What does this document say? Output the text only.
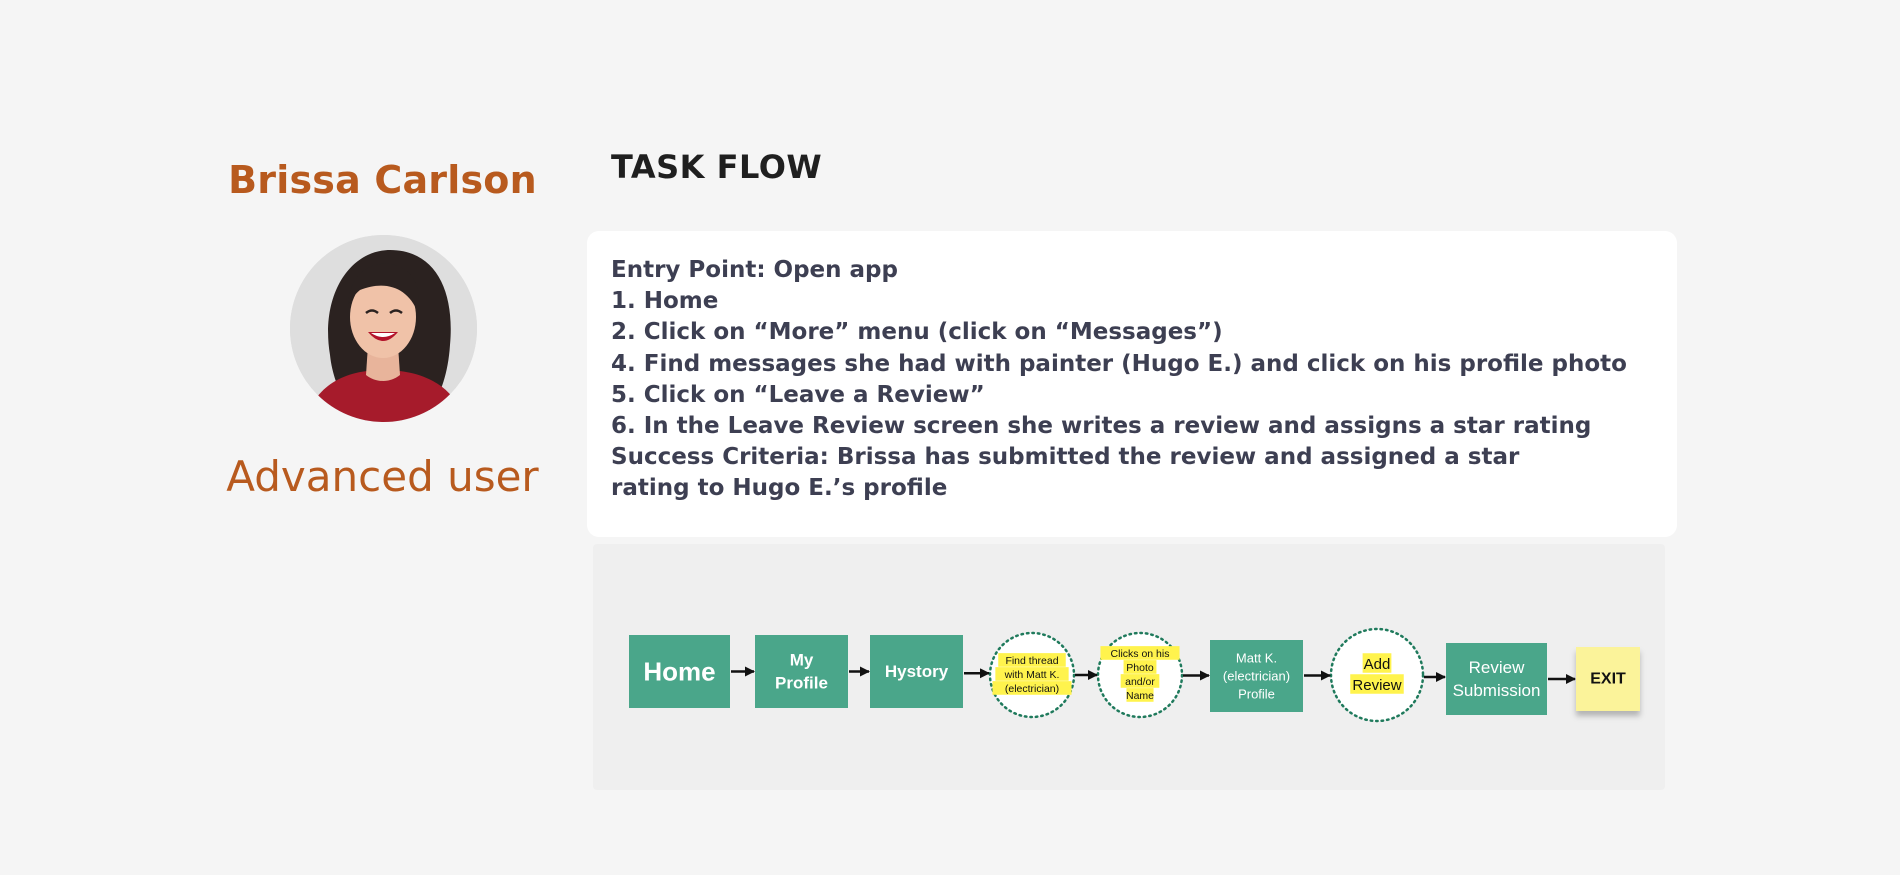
Brissa Carlson
Advanced user
TASK FLOW
Entry Point: Open app
1. Home
2. Click on “More” menu (click on “Messages”)
4. Find messages she had with painter (Hugo E.) and click on his profile photo
5. Click on “Leave a Review”
6. In the Leave Review screen she writes a review and assigns a star rating
Success Criteria: Brissa has submitted the review and assigned a star
rating to Hugo E.’s profile
Home	My
Profile
Hystory
Find thread
with Matt K.
(electrician)
Clicks on his
Photo
and/or
Name
Matt K.
(electrician)
Profile
Add
Review
Review
Submission
EXIT
